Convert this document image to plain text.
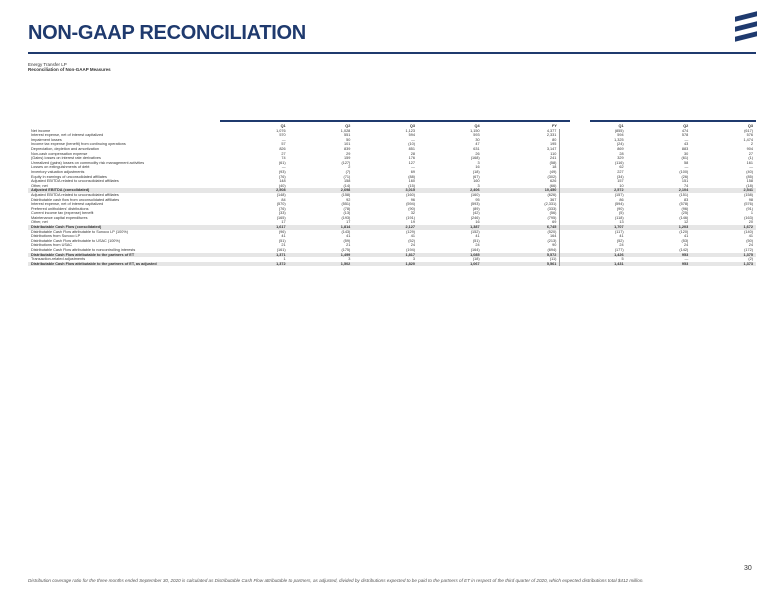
NON-GAAP RECONCILIATION
Energy Transfer LP
Reconciliation of Non-GAAP Measures
	Q1	Q2	Q3	Q4	FY	Q1	Q2	Q3
Net income	1,076	1,028	1,123	1,150	4,377	(855)	474	(617)
Interest expense, net of interest capitalized	570	551	594	593	2,331	594	578	576
Impairment losses	—	50	—	30	80	1,325	—	1,474
Income tax expense (benefit) from continuing operations	57	101	(10)	47	195	(24)	43	2
Depreciation, depletion and amortization	826	839	851	631	3,147	869	883	904
Non-cash compensation expense	27	29	28	26	110	28	30	27
(Gains) losses on interest rate derivatives	74	159	176	(168)	241	329	(61)	(1)
Unrealized (gains) losses on commodity risk management activities	(61)	(127)	127	3	(58)	(116)	58	161
Losses on extinguishments of debt	—	2	—	16	18	62	—	—
Inventory valuation adjustments	(93)	(7)	69	(18)	(49)	227	(100)	(40)
Equity in earnings of unconsolidated affiliates	(76)	(71)	(88)	(67)	(302)	(34)	(26)	(85)
Adjusted EBITDA related to unconsolidated affiliates	148	158	160	160	626	157	151	158
Other, net	(40)	(14)	(15)	3	(66)	10	74	(18)
Adjusted EBITDA (consolidated)	2,508	2,698	3,015	2,406	10,450	2,572	2,104	2,541
Adjusted EBITDA related to unconsolidated affiliates	(148)	(158)	(160)	(160)	(626)	(157)	(151)	(158)
Distributable cash flow from unconsolidated affiliates	84	92	96	95	367	86	83	98
Interest expense, net of interest capitalized	(570)	(551)	(594)	(593)	(2,331)	(594)	(578)	(576)
Preferred unitholders' distributions	(76)	(78)	(90)	(89)	(333)	(90)	(96)	(91)
Current income tax (expense) benefit	(33)	(13)	32	(42)	(56)	(5)	(25)	1
Maintenance capital expenditures	(165)	(193)	(191)	(246)	(795)	(118)	(146)	(163)
Other, net	17	17	19	16	69	13	12	20
Distributable Cash Flow (consolidated)	1,617	1,814	2,127	1,387	6,745	1,707	1,203	1,672
Distributable Cash Flow attributable to Sunoco LP (100%)	(96)	(143)	(129)	(152)	(520)	(117)	(120)	(140)
Distributions from Sunoco LP	41	41	41	41	164	41	41	41
Distributable Cash Flow attributable to USAC (100%)	(51)	(59)	(52)	(51)	(213)	(52)	(53)	(50)
Distributions from USAC	21	21	24	24	90	24	24	24
Distributable Cash Flow attributable to noncontrolling interests	(161)	(175)	(194)	(164)	(694)	(177)	(142)	(172)
Distributable Cash Flow attributable to the partners of ET	1,371	1,499	1,817	1,085	5,572	1,426	953	1,375
Transaction-related adjustments	1	3	3	(18)	(11)	5	—	(2)
Distributable Cash Flow attributable to the partners of ET, as adjusted	1,372	1,502	1,820	1,067	5,561	1,431	953	1,373

Distribution coverage ratio for the three months ended September 30, 2020 is calculated as Distributable Cash Flow attributable to partners, as adjusted, divided by distributions expected to be paid to the partners of ET in respect of the third quarter of 2020, which expected distributions total $412 million.
30
